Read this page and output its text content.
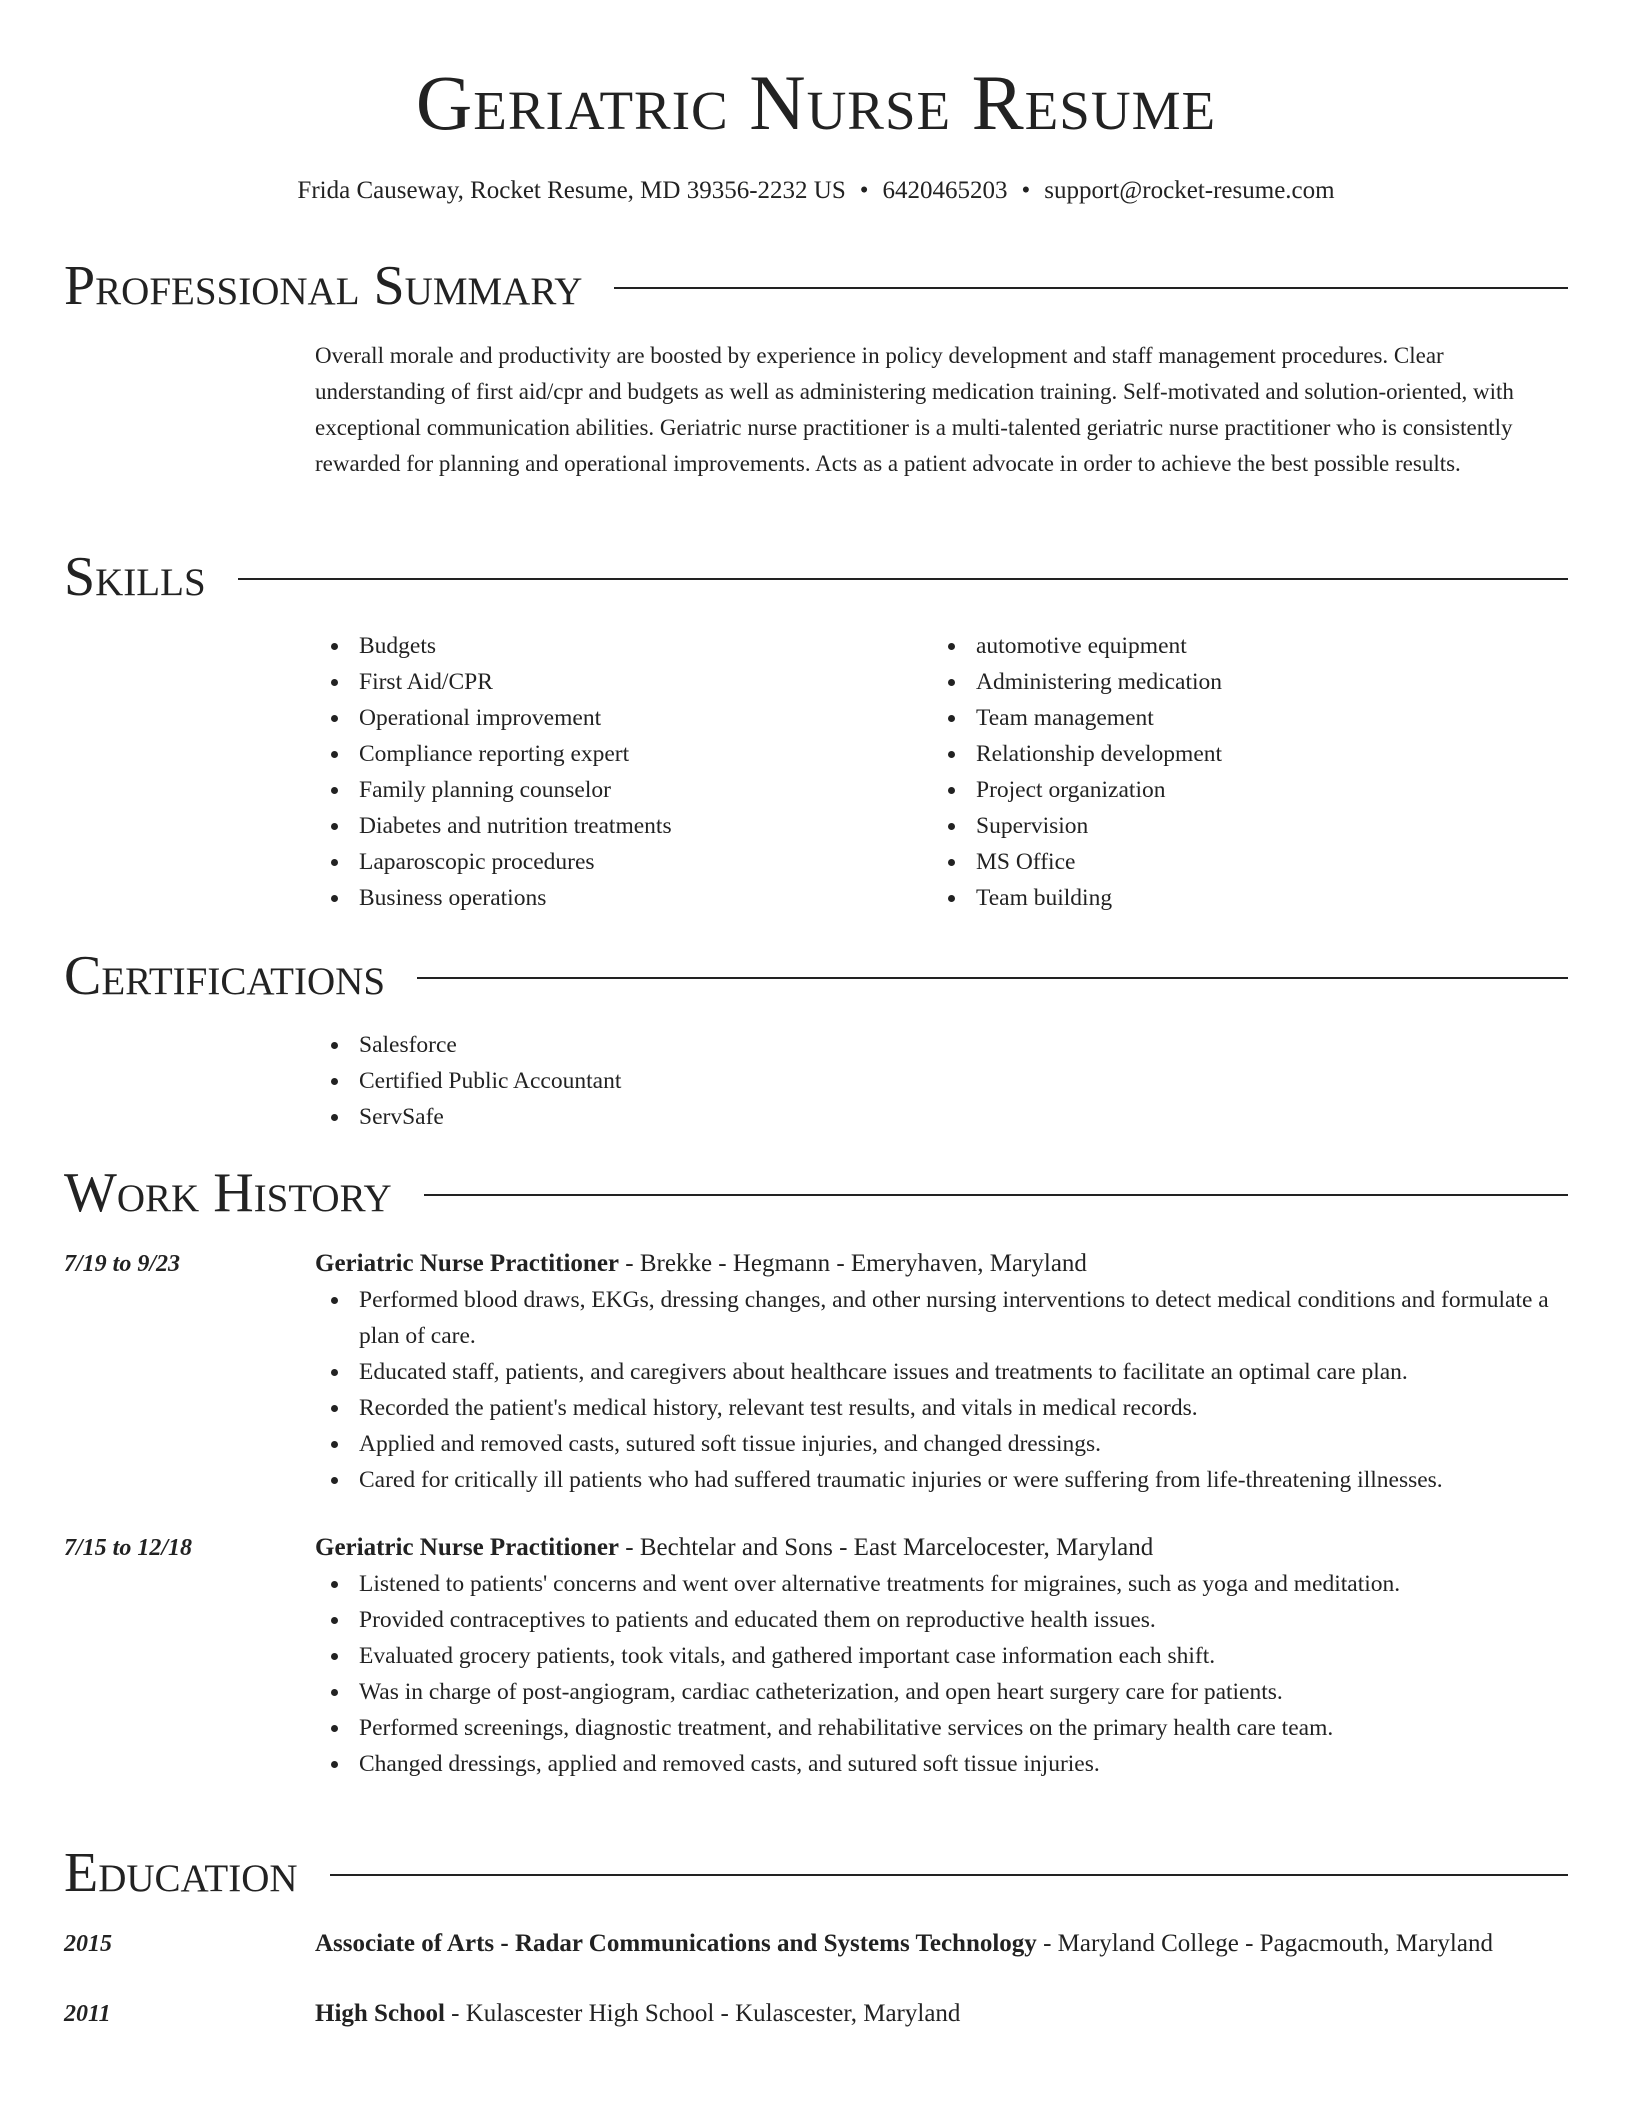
Geriatric Nurse Resume
Frida Causeway, Rocket Resume, MD 39356-2232 US • 6420465203 • support@rocket-resume.com
Professional Summary
Overall morale and productivity are boosted by experience in policy development and staff management procedures. Clear understanding of first aid/cpr and budgets as well as administering medication training. Self-motivated and solution-oriented, with exceptional communication abilities. Geriatric nurse practitioner is a multi-talented geriatric nurse practitioner who is consistently rewarded for planning and operational improvements. Acts as a patient advocate in order to achieve the best possible results.
Skills
Budgets
First Aid/CPR
Operational improvement
Compliance reporting expert
Family planning counselor
Diabetes and nutrition treatments
Laparoscopic procedures
Business operations
automotive equipment
Administering medication
Team management
Relationship development
Project organization
Supervision
MS Office
Team building
Certifications
Salesforce
Certified Public Accountant
ServSafe
Work History
7/19 to 9/23	Geriatric Nurse Practitioner - Brekke - Hegmann - Emeryhaven, Maryland
Performed blood draws, EKGs, dressing changes, and other nursing interventions to detect medical conditions and formulate a plan of care.
Educated staff, patients, and caregivers about healthcare issues and treatments to facilitate an optimal care plan.
Recorded the patient's medical history, relevant test results, and vitals in medical records.
Applied and removed casts, sutured soft tissue injuries, and changed dressings.
Cared for critically ill patients who had suffered traumatic injuries or were suffering from life-threatening illnesses.
7/15 to 12/18	Geriatric Nurse Practitioner - Bechtelar and Sons - East Marcelocester, Maryland
Listened to patients' concerns and went over alternative treatments for migraines, such as yoga and meditation.
Provided contraceptives to patients and educated them on reproductive health issues.
Evaluated grocery patients, took vitals, and gathered important case information each shift.
Was in charge of post-angiogram, cardiac catheterization, and open heart surgery care for patients.
Performed screenings, diagnostic treatment, and rehabilitative services on the primary health care team.
Changed dressings, applied and removed casts, and sutured soft tissue injuries.
Education
2015	Associate of Arts - Radar Communications and Systems Technology - Maryland College - Pagacmouth, Maryland
2011	High School - Kulascester High School - Kulascester, Maryland
